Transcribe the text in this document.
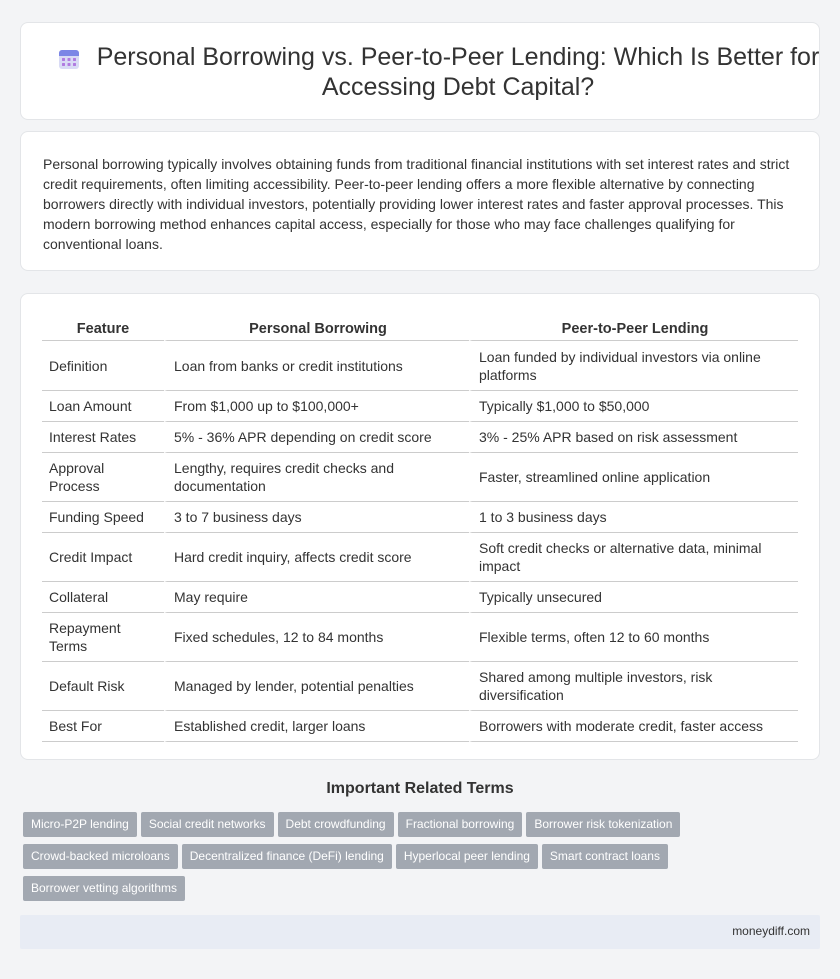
Personal Borrowing vs. Peer-to-Peer Lending: Which Is Better for Accessing Debt Capital?

Personal borrowing typically involves obtaining funds from traditional financial institutions with set interest rates and strict credit requirements, often limiting accessibility. Peer-to-peer lending offers a more flexible alternative by connecting borrowers directly with individual investors, potentially providing lower interest rates and faster approval processes. This modern borrowing method enhances capital access, especially for those who may face challenges qualifying for conventional loans.

Feature	Personal Borrowing	Peer-to-Peer Lending
Definition	Loan from banks or credit institutions	Loan funded by individual investors via online platforms
Loan Amount	From $1,000 up to $100,000+	Typically $1,000 to $50,000
Interest Rates	5% - 36% APR depending on credit score	3% - 25% APR based on risk assessment
Approval Process	Lengthy, requires credit checks and documentation	Faster, streamlined online application
Funding Speed	3 to 7 business days	1 to 3 business days
Credit Impact	Hard credit inquiry, affects credit score	Soft credit checks or alternative data, minimal impact
Collateral	May require	Typically unsecured
Repayment Terms	Fixed schedules, 12 to 84 months	Flexible terms, often 12 to 60 months
Default Risk	Managed by lender, potential penalties	Shared among multiple investors, risk diversification
Best For	Established credit, larger loans	Borrowers with moderate credit, faster access
Important Related Terms
Micro-P2P lending Social credit networks Debt crowdfunding Fractional borrowing Borrower risk tokenizationCrowd-backed microloans Decentralized finance (DeFi) lending Hyperlocal peer lending Smart contract loansBorrower vetting algorithms
moneydiff.com
